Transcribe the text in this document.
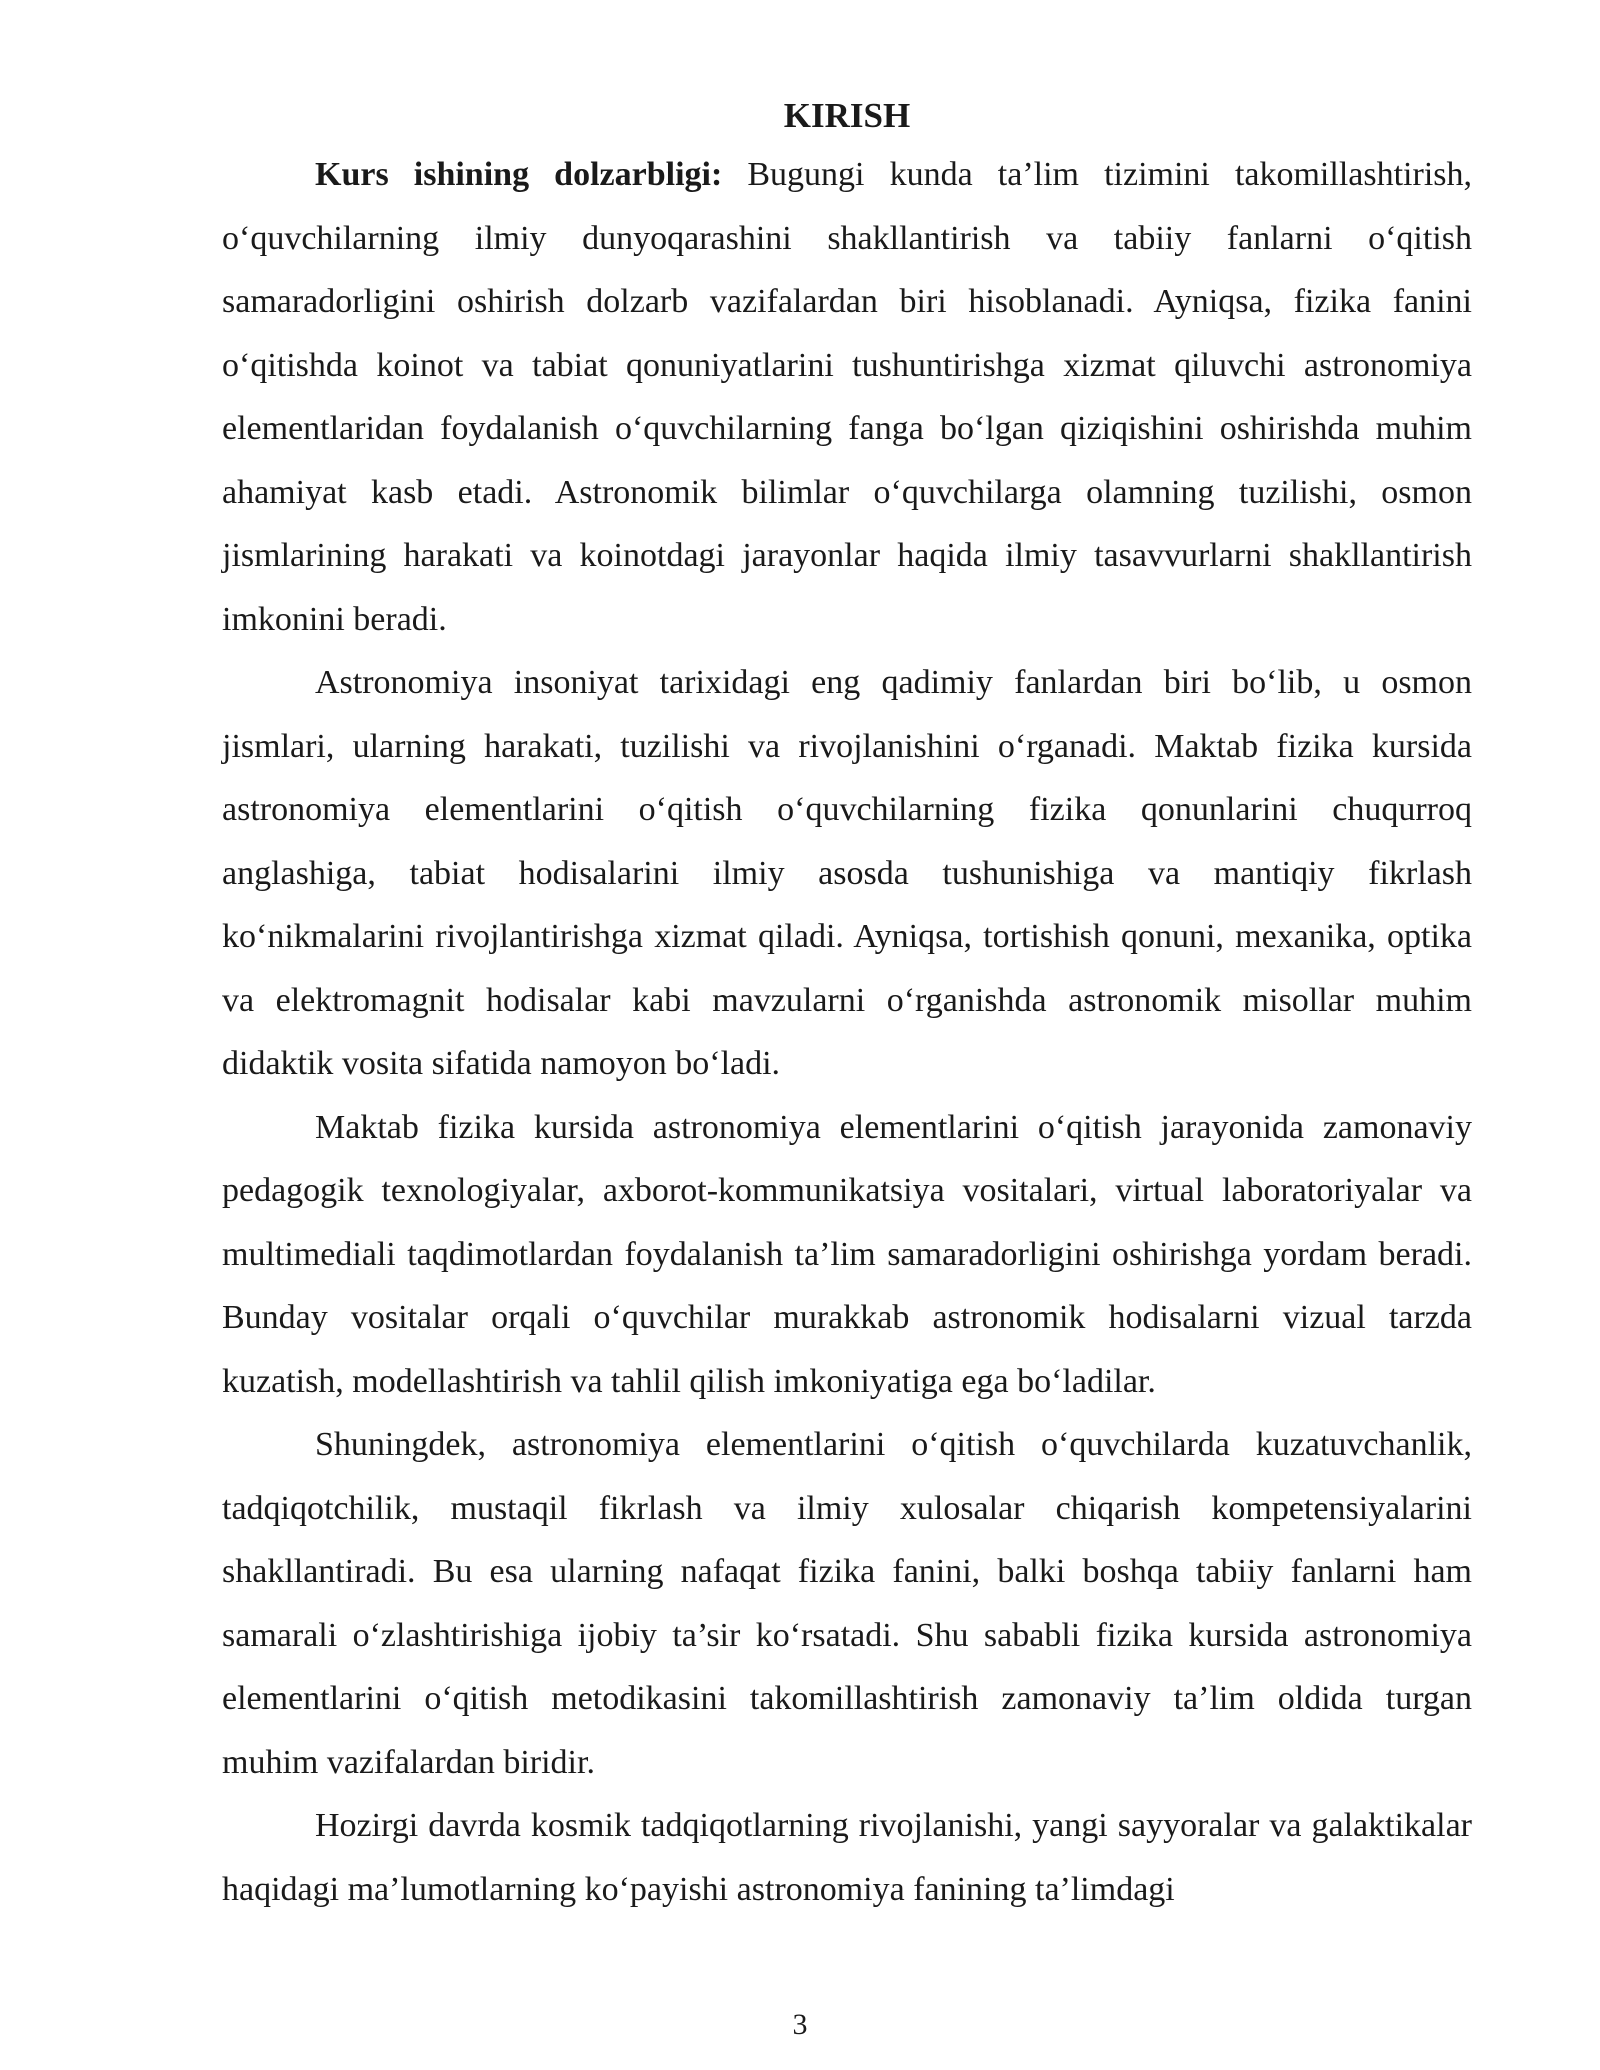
KIRISH

Kurs ishining dolzarbligi: Bugungi kunda ta’lim tizimini takomillashtirish, o‘quvchilarning ilmiy dunyoqarashini shakllantirish va tabiiy fanlarni o‘qitish samaradorligini oshirish dolzarb vazifalardan biri hisoblanadi. Ayniqsa, fizika fanini o‘qitishda koinot va tabiat qonuniyatlarini tushuntirishga xizmat qiluvchi astronomiya elementlaridan foydalanish o‘quvchilarning fanga bo‘lgan qiziqishini oshirishda muhim ahamiyat kasb etadi. Astronomik bilimlar o‘quvchilarga olamning tuzilishi, osmon jismlarining harakati va koinotdagi jarayonlar haqida ilmiy tasavvurlarni shakllantirish imkonini beradi.

Astronomiya insoniyat tarixidagi eng qadimiy fanlardan biri bo‘lib, u osmon jismlari, ularning harakati, tuzilishi va rivojlanishini o‘rganadi. Maktab fizika kursida astronomiya elementlarini o‘qitish o‘quvchilarning fizika qonunlarini chuqurroq anglashiga, tabiat hodisalarini ilmiy asosda tushunishiga va mantiqiy fikrlash ko‘nikmalarini rivojlantirishga xizmat qiladi. Ayniqsa, tortishish qonuni, mexanika, optika va elektromagnit hodisalar kabi mavzularni o‘rganishda astronomik misollar muhim didaktik vosita sifatida namoyon bo‘ladi.

Maktab fizika kursida astronomiya elementlarini o‘qitish jarayonida zamonaviy pedagogik texnologiyalar, axborot-kommunikatsiya vositalari, virtual laboratoriyalar va multimediali taqdimotlardan foydalanish ta’lim samaradorligini oshirishga yordam beradi. Bunday vositalar orqali o‘quvchilar murakkab astronomik hodisalarni vizual tarzda kuzatish, modellashtirish va tahlil qilish imkoniyatiga ega bo‘ladilar.

Shuningdek, astronomiya elementlarini o‘qitish o‘quvchilarda kuzatuvchanlik, tadqiqotchilik, mustaqil fikrlash va ilmiy xulosalar chiqarish kompetensiyalarini shakllantiradi. Bu esa ularning nafaqat fizika fanini, balki boshqa tabiiy fanlarni ham samarali o‘zlashtirishiga ijobiy ta’sir ko‘rsatadi. Shu sababli fizika kursida astronomiya elementlarini o‘qitish metodikasini takomillashtirish zamonaviy ta’lim oldida turgan muhim vazifalardan biridir.

Hozirgi davrda kosmik tadqiqotlarning rivojlanishi, yangi sayyoralar va galaktikalar haqidagi ma’lumotlarning ko‘payishi astronomiya fanining ta’limdagi

3
